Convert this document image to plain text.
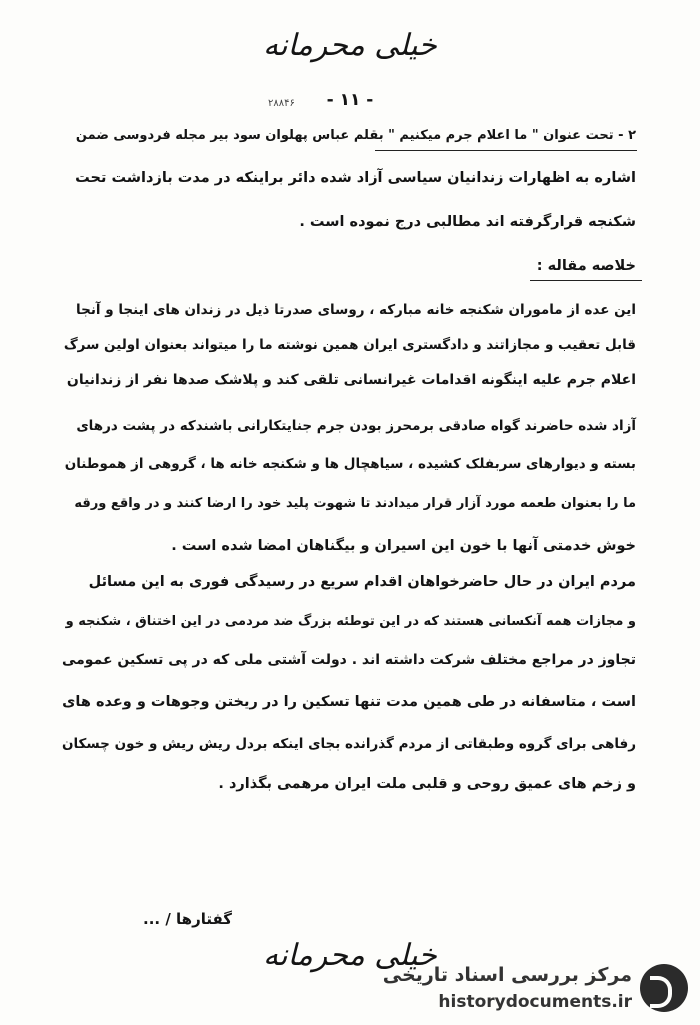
خیلی محرمانه
- ۱۱ -
۲۸۸۴۶
۲ - تحت عنوان " ما اعلام جرم میکنیم " بقلم عباس پهلوان سود بیر مجله فردوسی ضمن
اشاره به اظهارات زندانیان سیاسی آزاد شده دائر براینکه در مدت بازداشت تحت
شکنجه قرارگرفته اند مطالبی درج نموده است .
خلاصه مقاله :
این عده از ماموران شکنجه خانه مبارکه ، روسای صدرتا ذیل در زندان های اینجا و آنجا
قابل تعقیب و مجازاتند و دادگستری ایران همین نوشته ما را میتواند بعنوان اولین سرگ
اعلام جرم علیه اینگونه اقدامات غیرانسانی تلقی کند و پلاشک صدها نفر از زندانیان
آزاد شده حاضرند گواه صادقی برمحرز بودن جرم جنایتکارانی باشندکه در پشت درهای
بسته و دیوارهای سربفلک کشیده ، سیاهچال ها و شکنجه خانه ها ، گروهی از هموطنان
ما را بعنوان طعمه مورد آزار قرار میدادند تا شهوت پلید خود را ارضا کنند و در واقع ورقه
خوش خدمتی آنها با خون این اسیران و بیگناهان امضا شده است .
مردم ایران در حال حاضرخواهان اقدام سریع در رسیدگی فوری به این مسائل
و مجازات همه آنکسانی هستند که در این توطئه بزرگ ضد مردمی در این اختناق ، شکنجه و
تجاوز در مراجع مختلف شرکت داشته اند . دولت آشتی ملی که در پی تسکین عمومی
است ، متاسفانه در طی همین مدت تنها تسکین را در ریختن وجوهات و وعده های
رفاهی برای گروه وطبقاتی از مردم گذرانده بجای اینکه بردل ریش ریش و خون چسکان
و زخم های عمیق روحی و قلبی ملت ایران مرهمی بگذارد .
گفتارها / ...
خیلی محرمانه
مرکز بررسی اسناد تاریخی
historydocuments.ir
